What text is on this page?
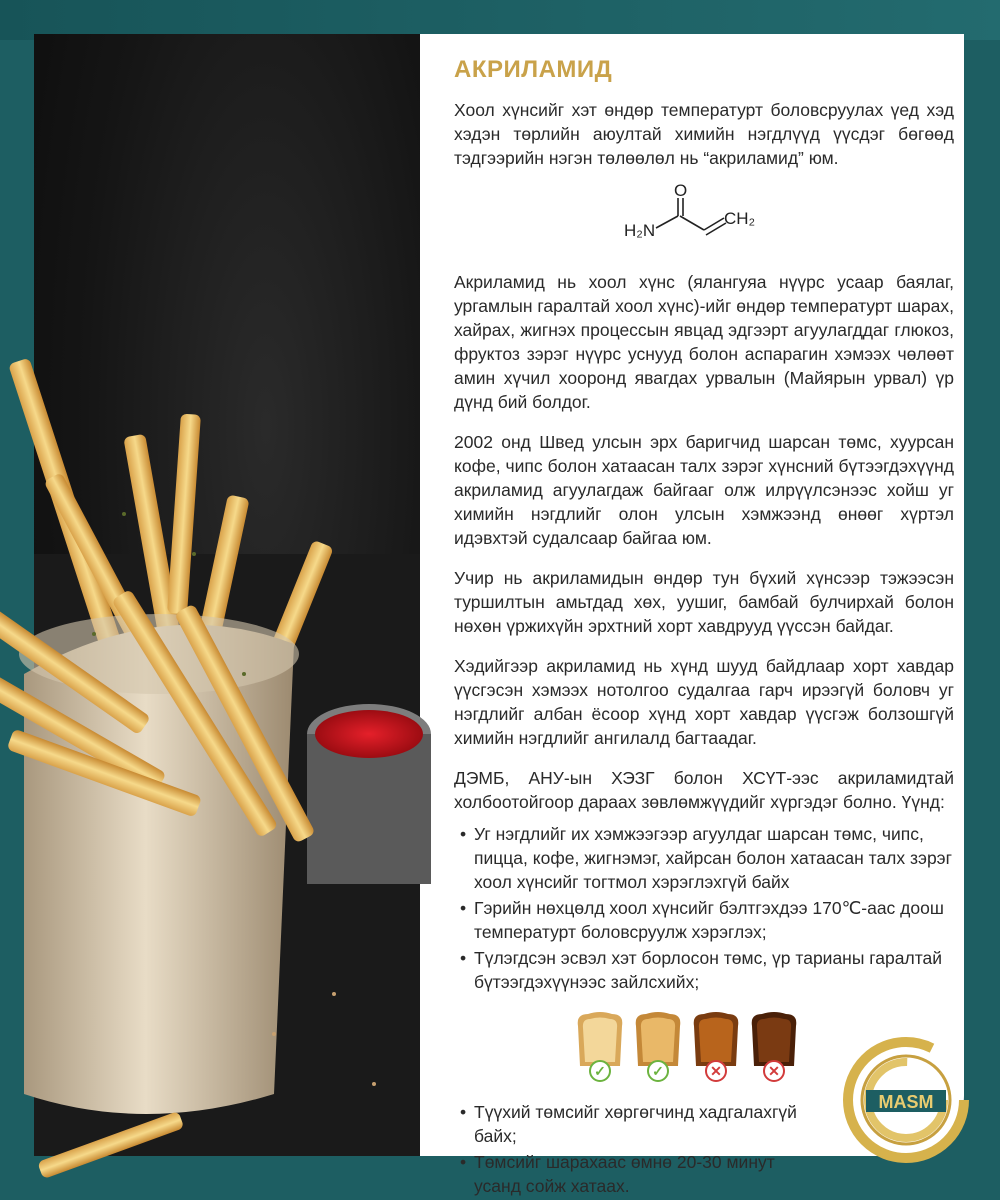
АКРИЛАМИД

Хоол хүнсийг хэт өндөр температурт боловсруулах үед хэд хэдэн төрлийн аюултай химийн нэгдлүүд үүсдэг бөгөөд тэдгээрийн нэгэн төлөөлөл нь “акриламид” юм.

H₂N
O
CH₂

Акриламид нь хоол хүнс (ялангуяа нүүрс усаар баялаг, ургамлын гаралтай хоол хүнс)-ийг өндөр температурт шарах, хайрах, жигнэх процессын явцад эдгээрт агуулагддаг глюкоз, фруктоз зэрэг нүүрс уснууд болон аспарагин хэмээх чөлөөт амин хүчил хооронд явагдах урвалын (Майярын урвал) үр дүнд бий болдог.

2002 онд Швед улсын эрх баригчид шарсан төмс, хуурсан кофе, чипс болон хатаасан талх зэрэг хүнсний бүтээгдэхүүнд акриламид агуулагдаж байгааг олж илрүүлсэнээс хойш уг химийн нэгдлийг олон улсын хэмжээнд өнөөг хүртэл идэвхтэй судалсаар байгаа юм.

Учир нь акриламидын өндөр тун бүхий хүнсээр тэжээсэн туршилтын амьтдад хөх, уушиг, бамбай булчирхай болон нөхөн үржихүйн эрхтний хорт хавдрууд үүссэн байдаг.

Хэдийгээр акриламид нь хүнд шууд байдлаар хорт хавдар үүсгэсэн хэмээх нотолгоо судалгаа гарч ирээгүй боловч уг нэгдлийг албан ёсоор хүнд хорт хавдар үүсгэж болзошгүй химийн нэгдлийг ангилалд багтаадаг.

ДЭМБ, АНУ-ын ХЭЗГ болон ХСҮТ-ээс акриламидтай холбоотойгоор дараах зөвлөмжүүдийг хүргэдэг болно. Үүнд:

• Уг нэгдлийг их хэмжээгээр агуулдаг шарсан төмс, чипс, пицца, кофе, жигнэмэг, хайрсан болон хатаасан талх зэрэг хоол хүнсийг тогтмол хэрэглэхгүй байх
• Гэрийн нөхцөлд хоол хүнсийг бэлтгэхдээ 170℃-аас доош температурт боловсруулж хэрэглэх;
• Түлэгдсэн эсвэл хэт борлосон төмс, үр тарианы гаралтай бүтээгдэхүүнээс зайлсхийх;
✓	✓	✕	✕
• Түүхий төмсийг хөргөгчинд хадгалахгүй байх;
• Төмсийг шарахаас өмнө 20-30 минут усанд сойж хатаах.
MASM
